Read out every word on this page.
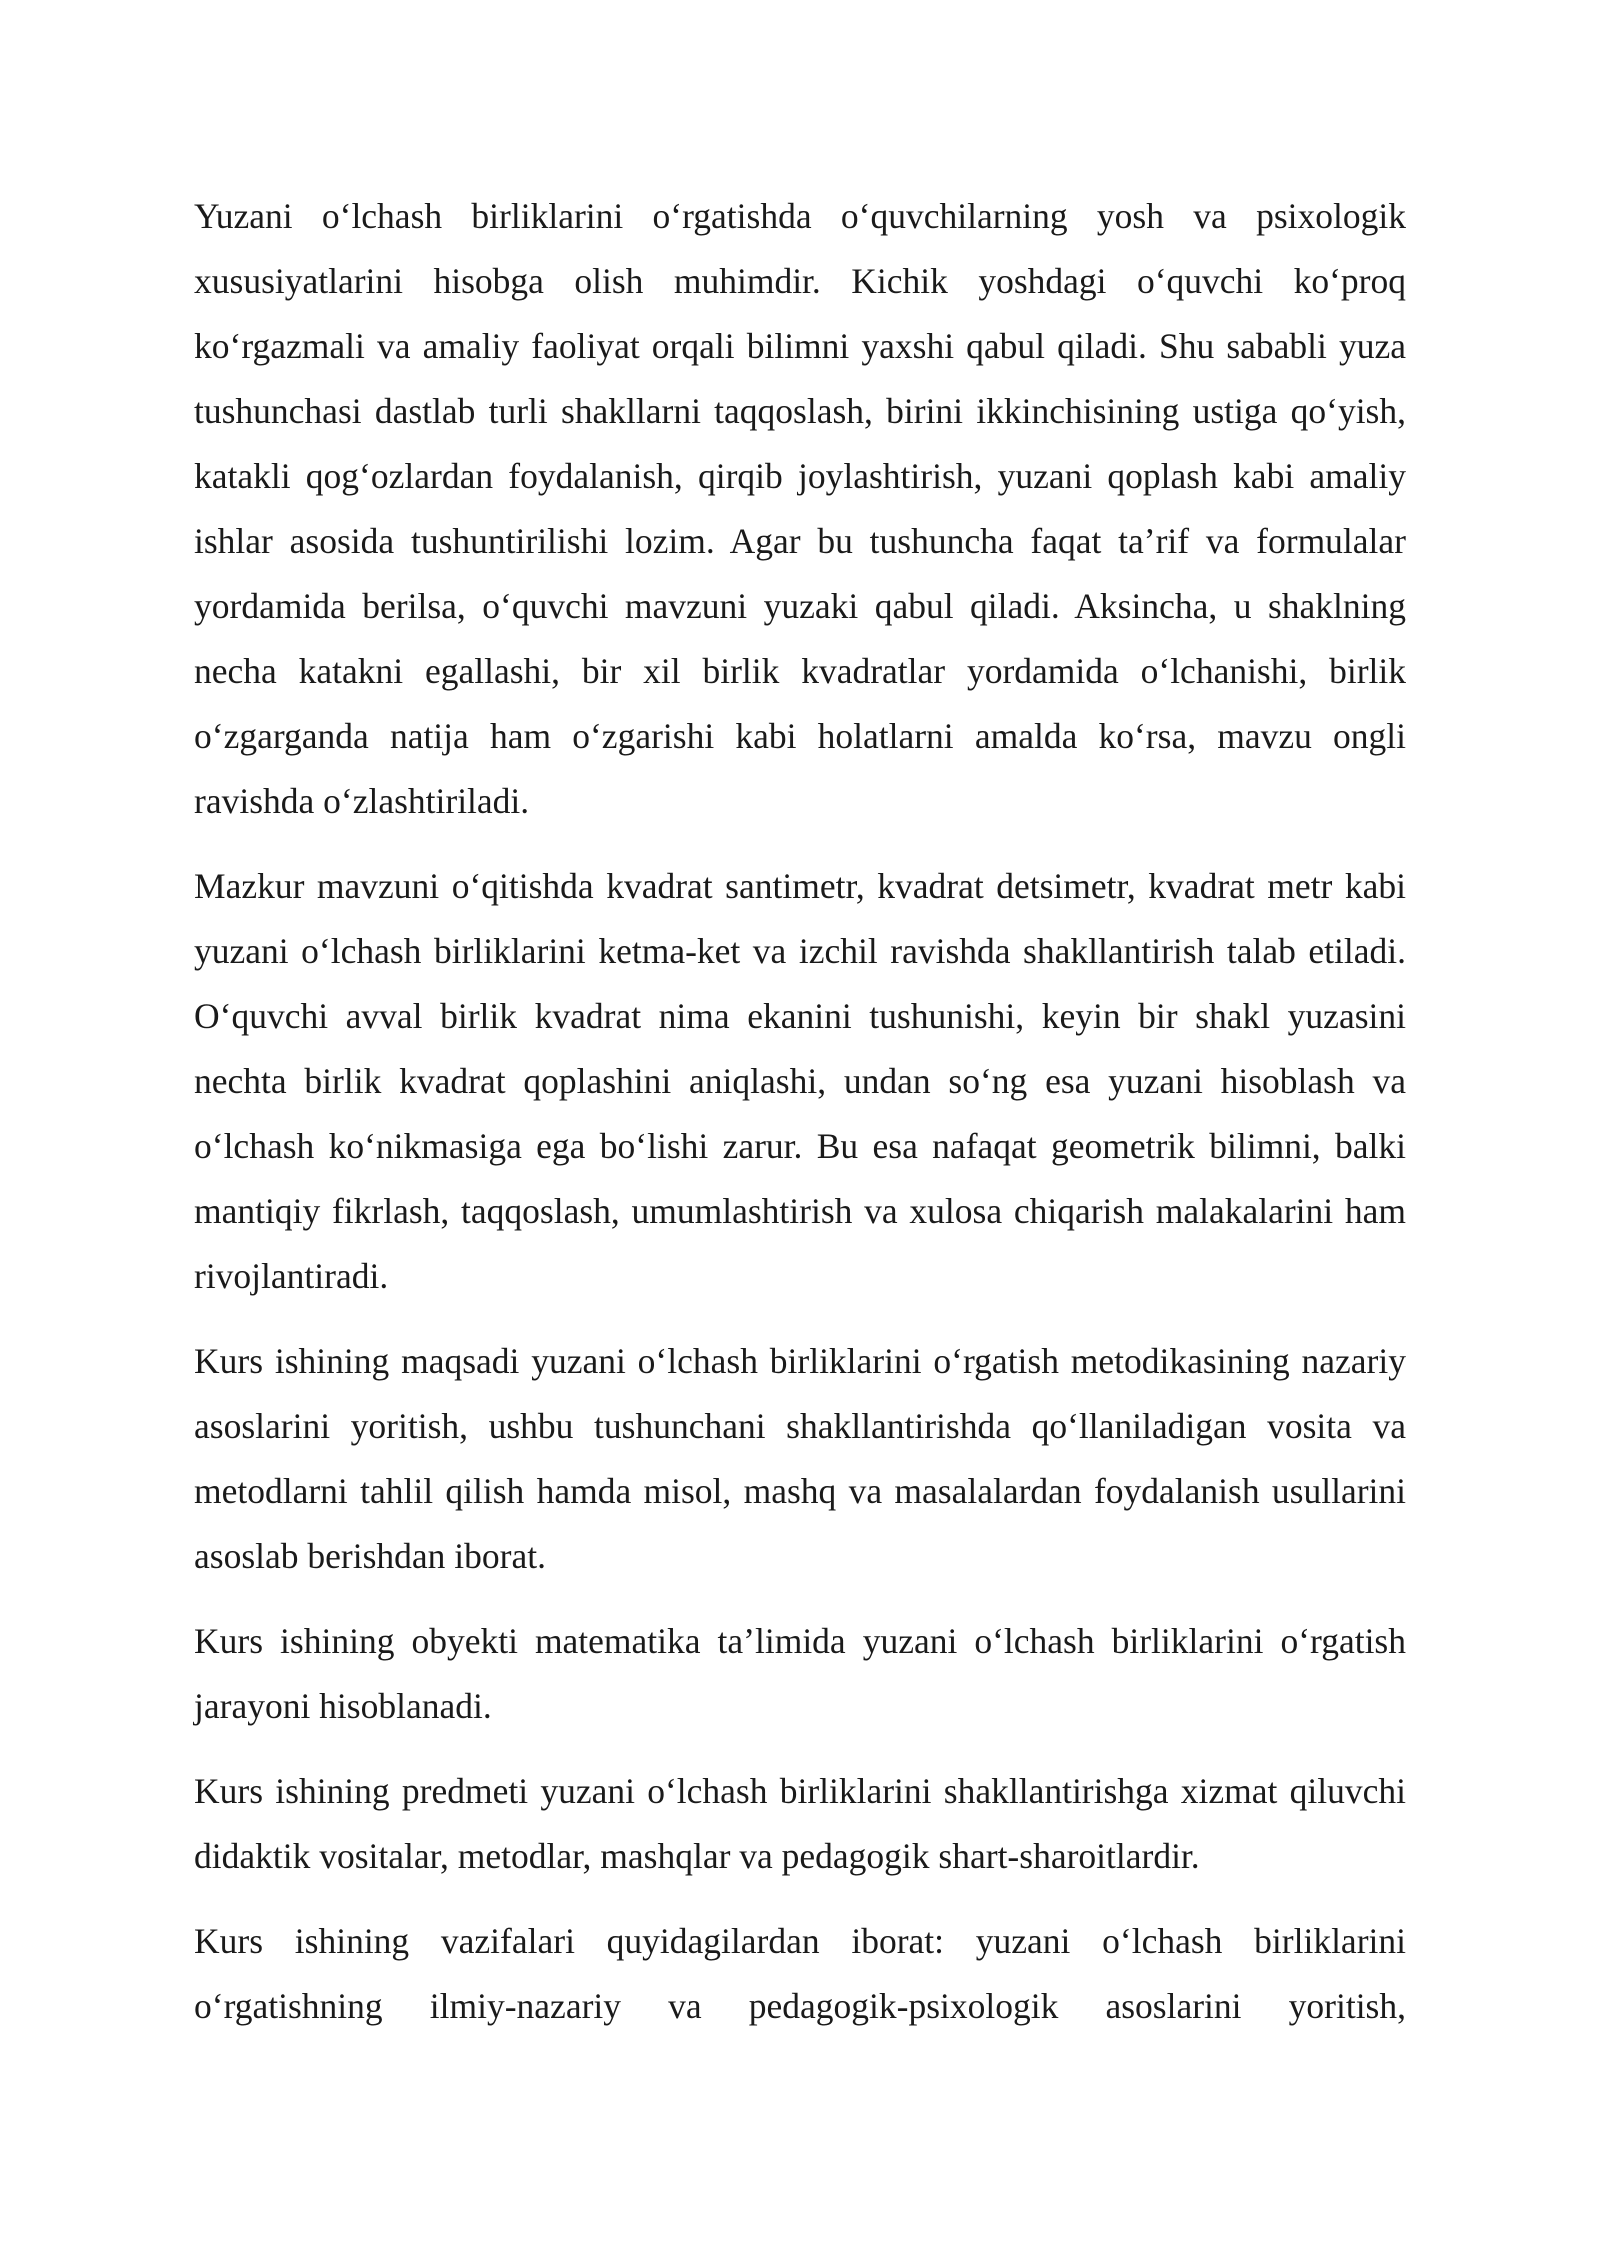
Yuzani oʻlchash birliklarini oʻrgatishda oʻquvchilarning yosh va psixologik xususiyatlarini hisobga olish muhimdir. Kichik yoshdagi oʻquvchi koʻproq koʻrgazmali va amaliy faoliyat orqali bilimni yaxshi qabul qiladi. Shu sababli yuza tushunchasi dastlab turli shakllarni taqqoslash, birini ikkinchisining ustiga qoʻyish, katakli qogʻozlardan foydalanish, qirqib joylashtirish, yuzani qoplash kabi amaliy ishlar asosida tushuntirilishi lozim. Agar bu tushuncha faqat taʼrif va formulalar yordamida berilsa, oʻquvchi mavzuni yuzaki qabul qiladi. Aksincha, u shaklning necha katakni egallashi, bir xil birlik kvadratlar yordamida oʻlchanishi, birlik oʻzgarganda natija ham oʻzgarishi kabi holatlarni amalda koʻrsa, mavzu ongli ravishda oʻzlashtiriladi.

Mazkur mavzuni oʻqitishda kvadrat santimetr, kvadrat detsimetr, kvadrat metr kabi yuzani oʻlchash birliklarini ketma-ket va izchil ravishda shakllantirish talab etiladi. Oʻquvchi avval birlik kvadrat nima ekanini tushunishi, keyin bir shakl yuzasini nechta birlik kvadrat qoplashini aniqlashi, undan soʻng esa yuzani hisoblash va oʻlchash koʻnikmasiga ega boʻlishi zarur. Bu esa nafaqat geometrik bilimni, balki mantiqiy fikrlash, taqqoslash, umumlashtirish va xulosa chiqarish malakalarini ham rivojlantiradi.

Kurs ishining maqsadi yuzani oʻlchash birliklarini oʻrgatish metodikasining nazariy asoslarini yoritish, ushbu tushunchani shakllantirishda qoʻllaniladigan vosita va metodlarni tahlil qilish hamda misol, mashq va masalalardan foydalanish usullarini asoslab berishdan iborat.

Kurs ishining obyekti matematika taʼlimida yuzani oʻlchash birliklarini oʻrgatish jarayoni hisoblanadi.

Kurs ishining predmeti yuzani oʻlchash birliklarini shakllantirishga xizmat qiluvchi didaktik vositalar, metodlar, mashqlar va pedagogik shart-sharoitlardir.

Kurs ishining vazifalari quyidagilardan iborat: yuzani oʻlchash birliklarini oʻrgatishning ilmiy-nazariy va pedagogik-psixologik asoslarini yoritish,
